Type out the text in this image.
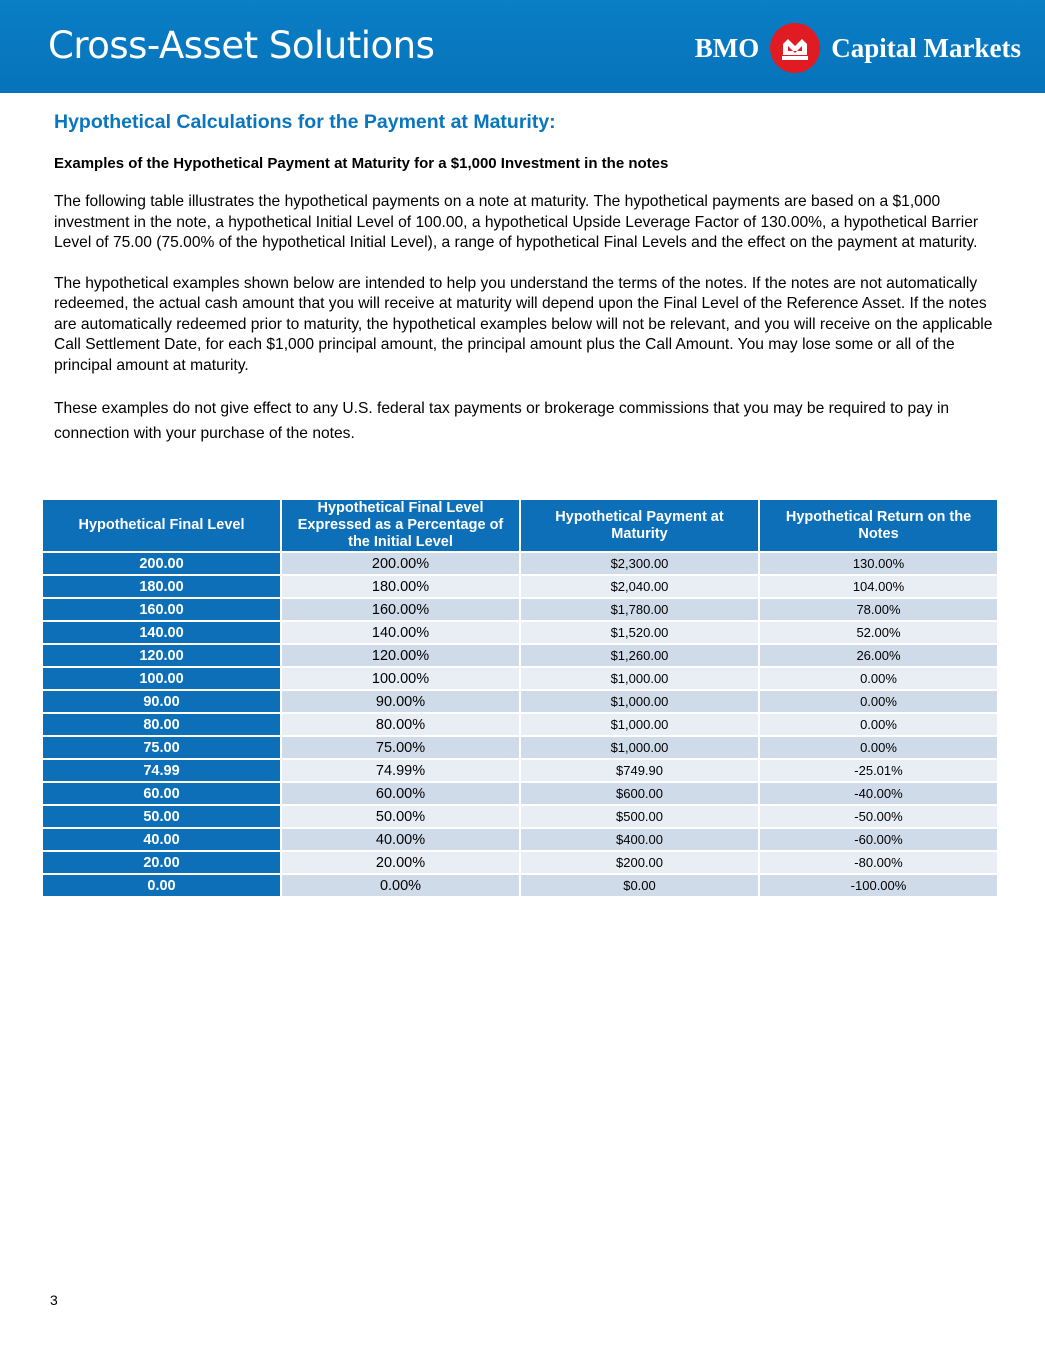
Cross-Asset Solutions	BMO	Capital Markets
Hypothetical Calculations for the Payment at Maturity:
Examples of the Hypothetical Payment at Maturity for a $1,000 Investment in the notes

The following table illustrates the hypothetical payments on a note at maturity. The hypothetical payments are based on a $1,000 investment in the note, a hypothetical Initial Level of 100.00, a hypothetical Upside Leverage Factor of 130.00%, a hypothetical Barrier Level of 75.00 (75.00% of the hypothetical Initial Level), a range of hypothetical Final Levels and the effect on the payment at maturity.

The hypothetical examples shown below are intended to help you understand the terms of the notes. If the notes are not automatically redeemed, the actual cash amount that you will receive at maturity will depend upon the Final Level of the Reference Asset. If the notes are automatically redeemed prior to maturity, the hypothetical examples below will not be relevant, and you will receive on the applicable Call Settlement Date, for each $1,000 principal amount, the principal amount plus the Call Amount. You may lose some or all of the principal amount at maturity.

These examples do not give effect to any U.S. federal tax payments or brokerage commissions that you may be required to pay in connection with your purchase of the notes.

Hypothetical Final Level	Hypothetical Final Level Expressed as a Percentage of the Initial Level	Hypothetical Payment at Maturity	Hypothetical Return on the Notes
200.00	200.00%	$2,300.00	130.00%
180.00	180.00%	$2,040.00	104.00%
160.00	160.00%	$1,780.00	78.00%
140.00	140.00%	$1,520.00	52.00%
120.00	120.00%	$1,260.00	26.00%
100.00	100.00%	$1,000.00	0.00%
90.00	90.00%	$1,000.00	0.00%
80.00	80.00%	$1,000.00	0.00%
75.00	75.00%	$1,000.00	0.00%
74.99	74.99%	$749.90	-25.01%
60.00	60.00%	$600.00	-40.00%
50.00	50.00%	$500.00	-50.00%
40.00	40.00%	$400.00	-60.00%
20.00	20.00%	$200.00	-80.00%
0.00	0.00%	$0.00	-100.00%
3
